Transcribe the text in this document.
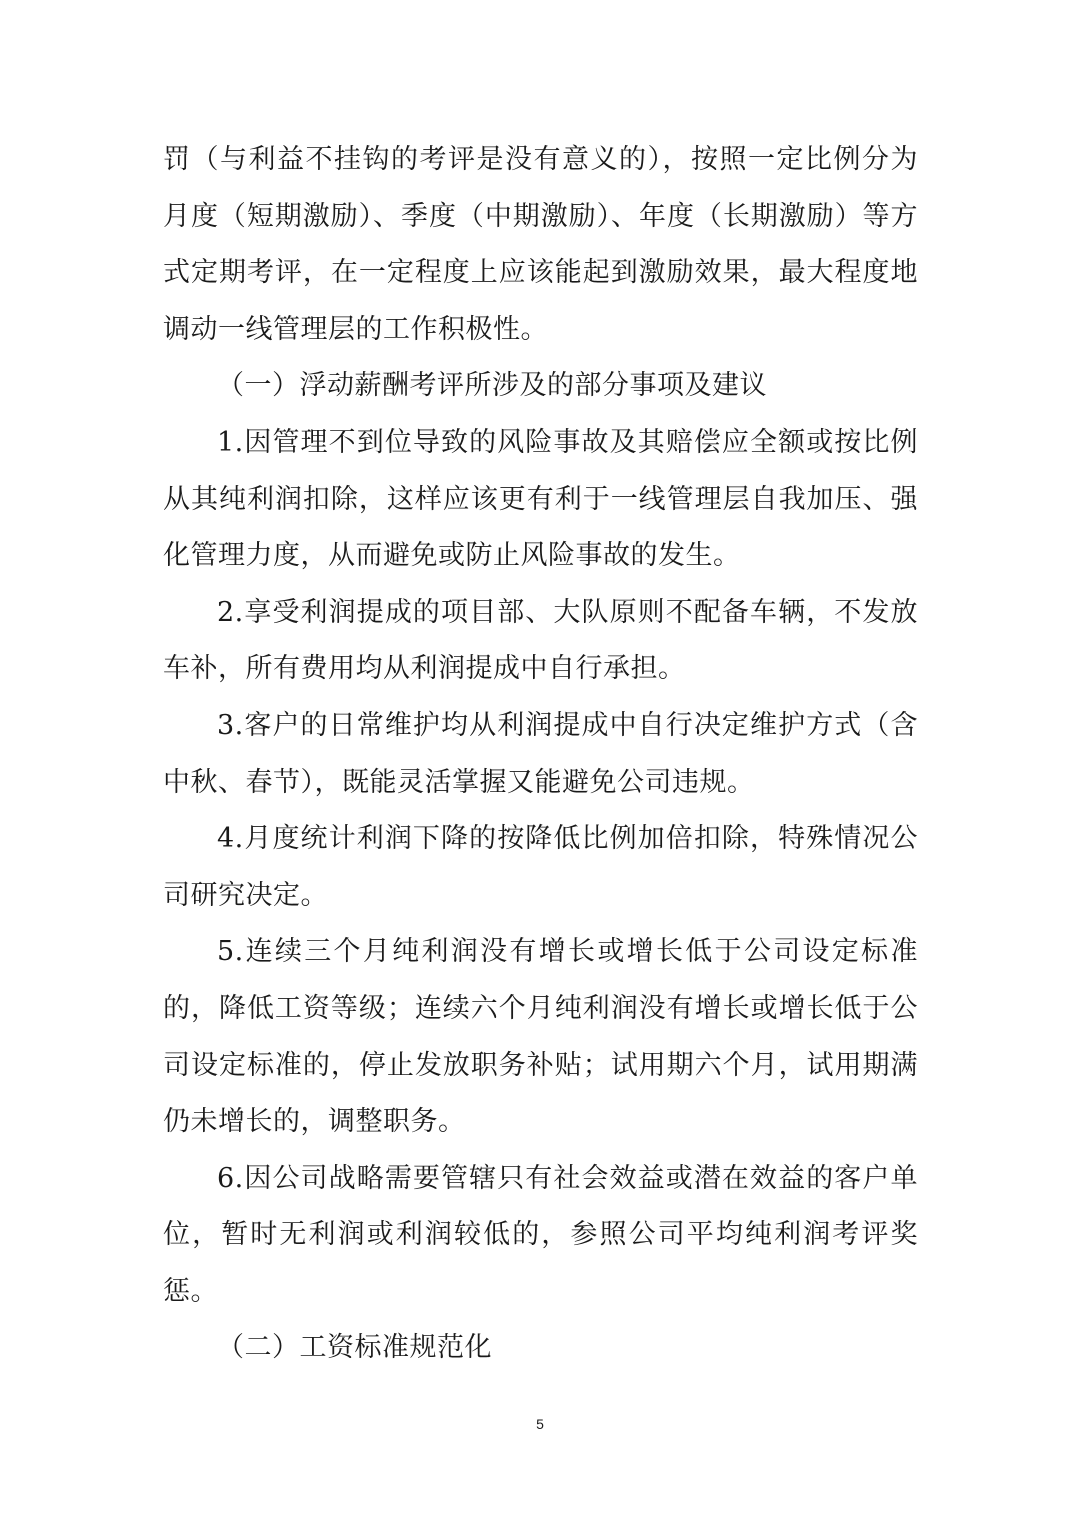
罚（与利益不挂钩的考评是没有意义的），按照一定比例分为月度（短期激励）、季度（中期激励）、年度（长期激励）等方式定期考评，在一定程度上应该能起到激励效果，最大程度地调动一线管理层的工作积极性。

（一）浮动薪酬考评所涉及的部分事项及建议

1.因管理不到位导致的风险事故及其赔偿应全额或按比例从其纯利润扣除，这样应该更有利于一线管理层自我加压、强化管理力度，从而避免或防止风险事故的发生。

2.享受利润提成的项目部、大队原则不配备车辆，不发放车补，所有费用均从利润提成中自行承担。

3.客户的日常维护均从利润提成中自行决定维护方式（含中秋、春节），既能灵活掌握又能避免公司违规。

4.月度统计利润下降的按降低比例加倍扣除，特殊情况公司研究决定。

5.连续三个月纯利润没有增长或增长低于公司设定标准的，降低工资等级；连续六个月纯利润没有增长或增长低于公司设定标准的，停止发放职务补贴；试用期六个月，试用期满仍未增长的，调整职务。

6.因公司战略需要管辖只有社会效益或潜在效益的客户单位，暂时无利润或利润较低的，参照公司平均纯利润考评奖惩。

（二）工资标准规范化

5
